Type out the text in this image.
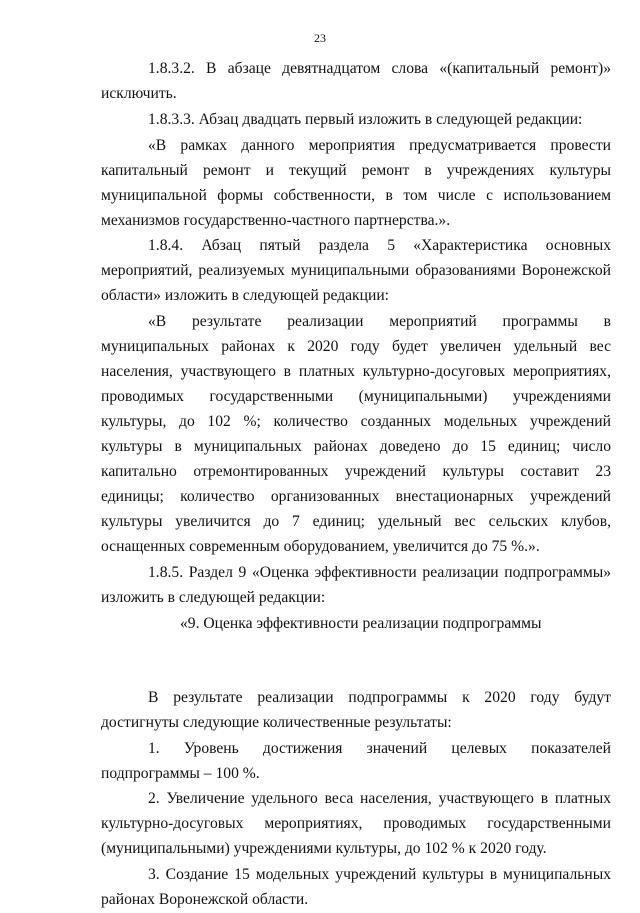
23

1.8.3.2. В абзаце девятнадцатом слова «(капитальный ремонт)» исключить.

1.8.3.3. Абзац двадцать первый изложить в следующей редакции:

«В рамках данного мероприятия предусматривается провести капитальный ремонт и текущий ремонт в учреждениях культуры муниципальной формы собственности, в том числе с использованием механизмов государственно-частного партнерства.».

1.8.4. Абзац пятый раздела 5 «Характеристика основных мероприятий, реализуемых муниципальными образованиями Воронежской области» изложить в следующей редакции:

«В результате реализации мероприятий программы в муниципальных районах к 2020 году будет увеличен удельный вес населения, участвующего в платных культурно-досуговых мероприятиях, проводимых государственными (муниципальными) учреждениями культуры, до 102 %; количество созданных модельных учреждений культуры в муниципальных районах доведено до 15 единиц; число капитально отремонтированных учреждений культуры составит 23 единицы; количество организованных внестационарных учреждений культуры увеличится до 7 единиц; удельный вес сельских клубов, оснащенных современным оборудованием, увеличится до 75 %.».

1.8.5. Раздел 9 «Оценка эффективности реализации подпрограммы» изложить в следующей редакции:

«9. Оценка эффективности реализации подпрограммы

В результате реализации подпрограммы к 2020 году будут достигнуты следующие количественные результаты:

1. Уровень достижения значений целевых показателей подпрограммы – 100 %.

2. Увеличение удельного веса населения, участвующего в платных культурно-досуговых мероприятиях, проводимых государственными (муниципальными) учреждениями культуры, до 102 % к 2020 году.

3. Создание 15 модельных учреждений культуры в муниципальных районах Воронежской области.
